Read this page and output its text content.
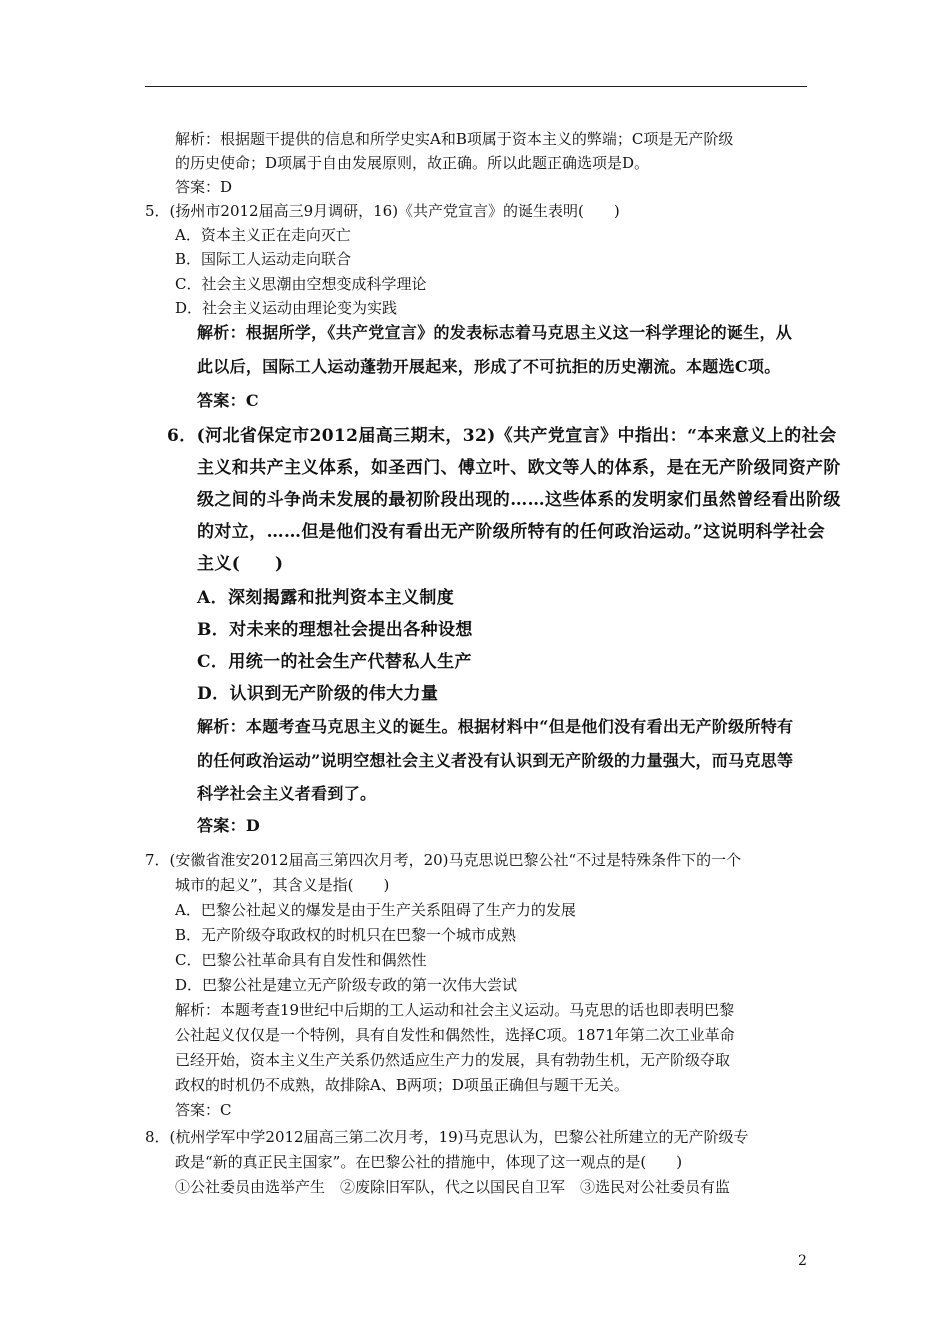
解析：根据题干提供的信息和所学史实A和B项属于资本主义的弊端；C项是无产阶级
的历史使命；D项属于自由发展原则，故正确。所以此题正确选项是D。
答案：D
5．(扬州市2012届高三9月调研，16)《共产党宣言》的诞生表明(　　)
A．资本主义正在走向灭亡
B．国际工人运动走向联合
C．社会主义思潮由空想变成科学理论
D．社会主义运动由理论变为实践
解析：根据所学，《共产党宣言》的发表标志着马克思主义这一科学理论的诞生，从
此以后，国际工人运动蓬勃开展起来，形成了不可抗拒的历史潮流。本题选C项。
答案：C
6．(河北省保定市2012届高三期末，32)《共产党宣言》中指出：“本来意义上的社会
主义和共产主义体系，如圣西门、傅立叶、欧文等人的体系，是在无产阶级同资产阶
级之间的斗争尚未发展的最初阶段出现的……这些体系的发明家们虽然曾经看出阶级
的对立，……但是他们没有看出无产阶级所特有的任何政治运动。”这说明科学社会
主义(　　)
A．深刻揭露和批判资本主义制度
B．对未来的理想社会提出各种设想
C．用统一的社会生产代替私人生产
D．认识到无产阶级的伟大力量
解析：本题考查马克思主义的诞生。根据材料中“但是他们没有看出无产阶级所特有
的任何政治运动”说明空想社会主义者没有认识到无产阶级的力量强大，而马克思等
科学社会主义者看到了。
答案：D
7．(安徽省淮安2012届高三第四次月考，20)马克思说巴黎公社“不过是特殊条件下的一个
城市的起义”，其含义是指(　　)
A．巴黎公社起义的爆发是由于生产关系阻碍了生产力的发展
B．无产阶级夺取政权的时机只在巴黎一个城市成熟
C．巴黎公社革命具有自发性和偶然性
D．巴黎公社是建立无产阶级专政的第一次伟大尝试
解析：本题考查19世纪中后期的工人运动和社会主义运动。马克思的话也即表明巴黎
公社起义仅仅是一个特例，具有自发性和偶然性，选择C项。1871年第二次工业革命
已经开始，资本主义生产关系仍然适应生产力的发展，具有勃勃生机，无产阶级夺取
政权的时机仍不成熟，故排除A、B两项；D项虽正确但与题干无关。
答案：C
8．(杭州学军中学2012届高三第二次月考，19)马克思认为，巴黎公社所建立的无产阶级专
政是“新的真正民主国家”。在巴黎公社的措施中，体现了这一观点的是(　　)
①公社委员由选举产生　②废除旧军队，代之以国民自卫军　③选民对公社委员有监
2
